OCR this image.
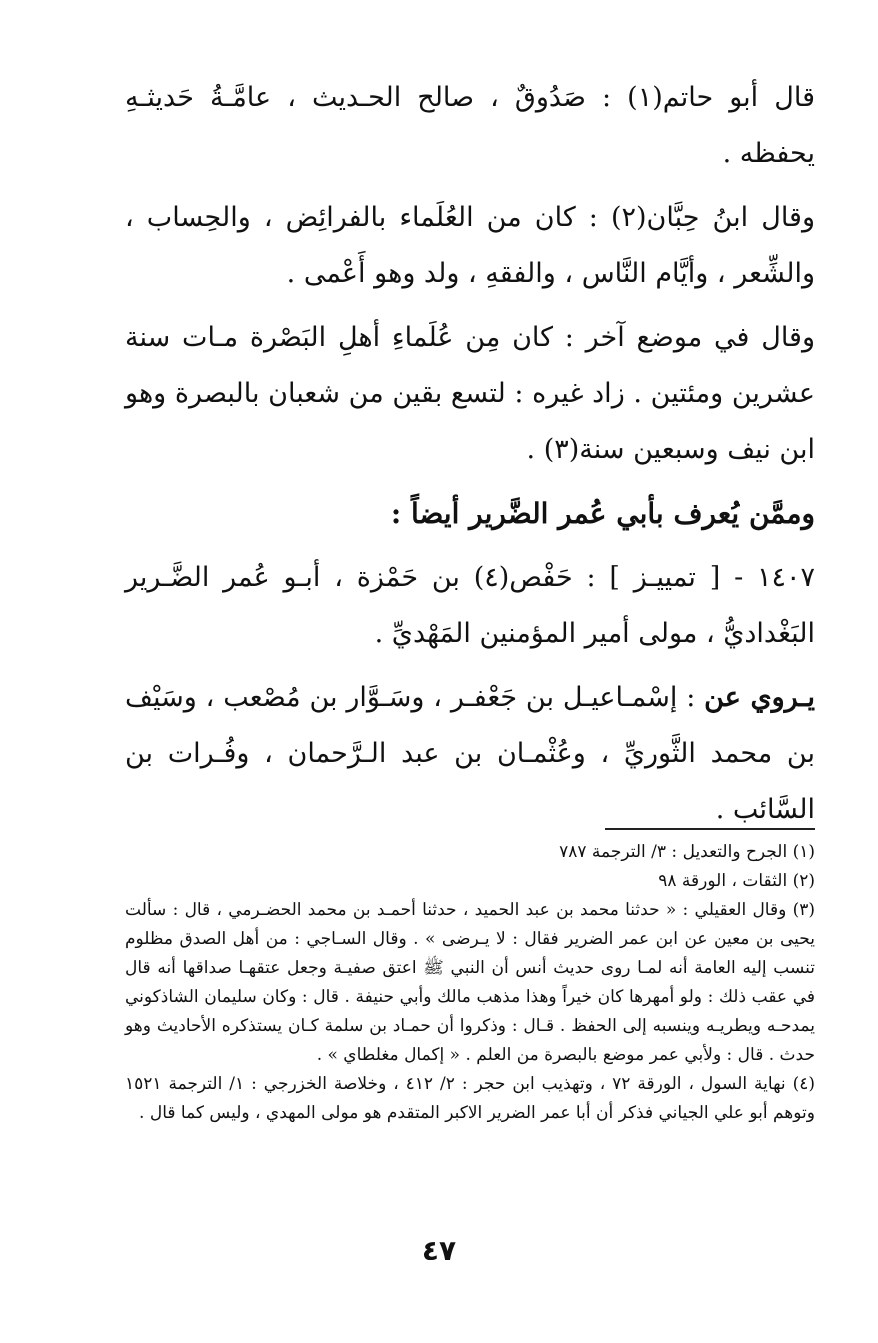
قال أبو حاتم(١) : صَدُوقٌ ، صالح الحـديث ، عامَّـةُ حَديثـهِ يحفظه .

وقال ابنُ حِبَّان(٢) : كان من العُلَماء بالفرائِض ، والحِساب ، والشِّعر ، وأيَّام النَّاس ، والفقهِ ، ولد وهو أَعْمى .

وقال في موضع آخر : كان مِن عُلَماءِ أهلِ البَصْرة مـات سنة عشرين ومئتين . زاد غيره : لتسع بقين من شعبان بالبصرة وهو ابن نيف وسبعين سنة(٣) .

وممَّن يُعرف بأبي عُمر الضَّرير أيضاً :

١٤٠٧ - [ تمييـز ] : حَفْص(٤) بن حَمْزة ، أبـو عُمر الضَّـرير البَغْداديُّ ، مولى أمير المؤمنين المَهْديِّ .

يـروي عن : إسْمـاعيـل بن جَعْفـر ، وسَـوَّار بن مُصْعب ، وسَيْف بن محمد الثَّوريِّ ، وعُثْمـان بن عبد الـرَّحمان ، وفُـرات بن السَّائب .

(١) الجرح والتعديل : ٣/ الترجمة ٧٨٧

(٢) الثقات ، الورقة ٩٨

(٣) وقال العقيلي : « حدثنا محمد بن عبد الحميد ، حدثنا أحمـد بن محمد الحضـرمي ، قال : سألت يحيى بن معين عن ابن عمر الضرير فقال : لا يـرضى » . وقال السـاجي : من أهل الصدق مظلوم تنسب إليه العامة أنه لمـا روى حديث أنس أن النبي ﷺ اعتق صفيـة وجعل عتقهـا صداقها أنه قال في عقب ذلك : ولو أمهرها كان خيراً وهذا مذهب مالك وأبي حنيفة . قال : وكان سليمان الشاذكوني يمدحـه ويطريـه وينسبه إلى الحفظ . قـال : وذكروا أن حمـاد بن سلمة كـان يستذكره الأحاديث وهو حدث . قال : ولأبي عمر موضع بالبصرة من العلم . « إكمال مغلطاي » .

(٤) نهاية السول ، الورقة ٧٢ ، وتهذيب ابن حجر : ٢/ ٤١٢ ، وخلاصة الخزرجي : ١/ الترجمة ١٥٢١ وتوهم أبو علي الجياني فذكر أن أبا عمر الضرير الاكبر المتقدم هو مولى المهدي ، وليس كما قال .

٤٧
